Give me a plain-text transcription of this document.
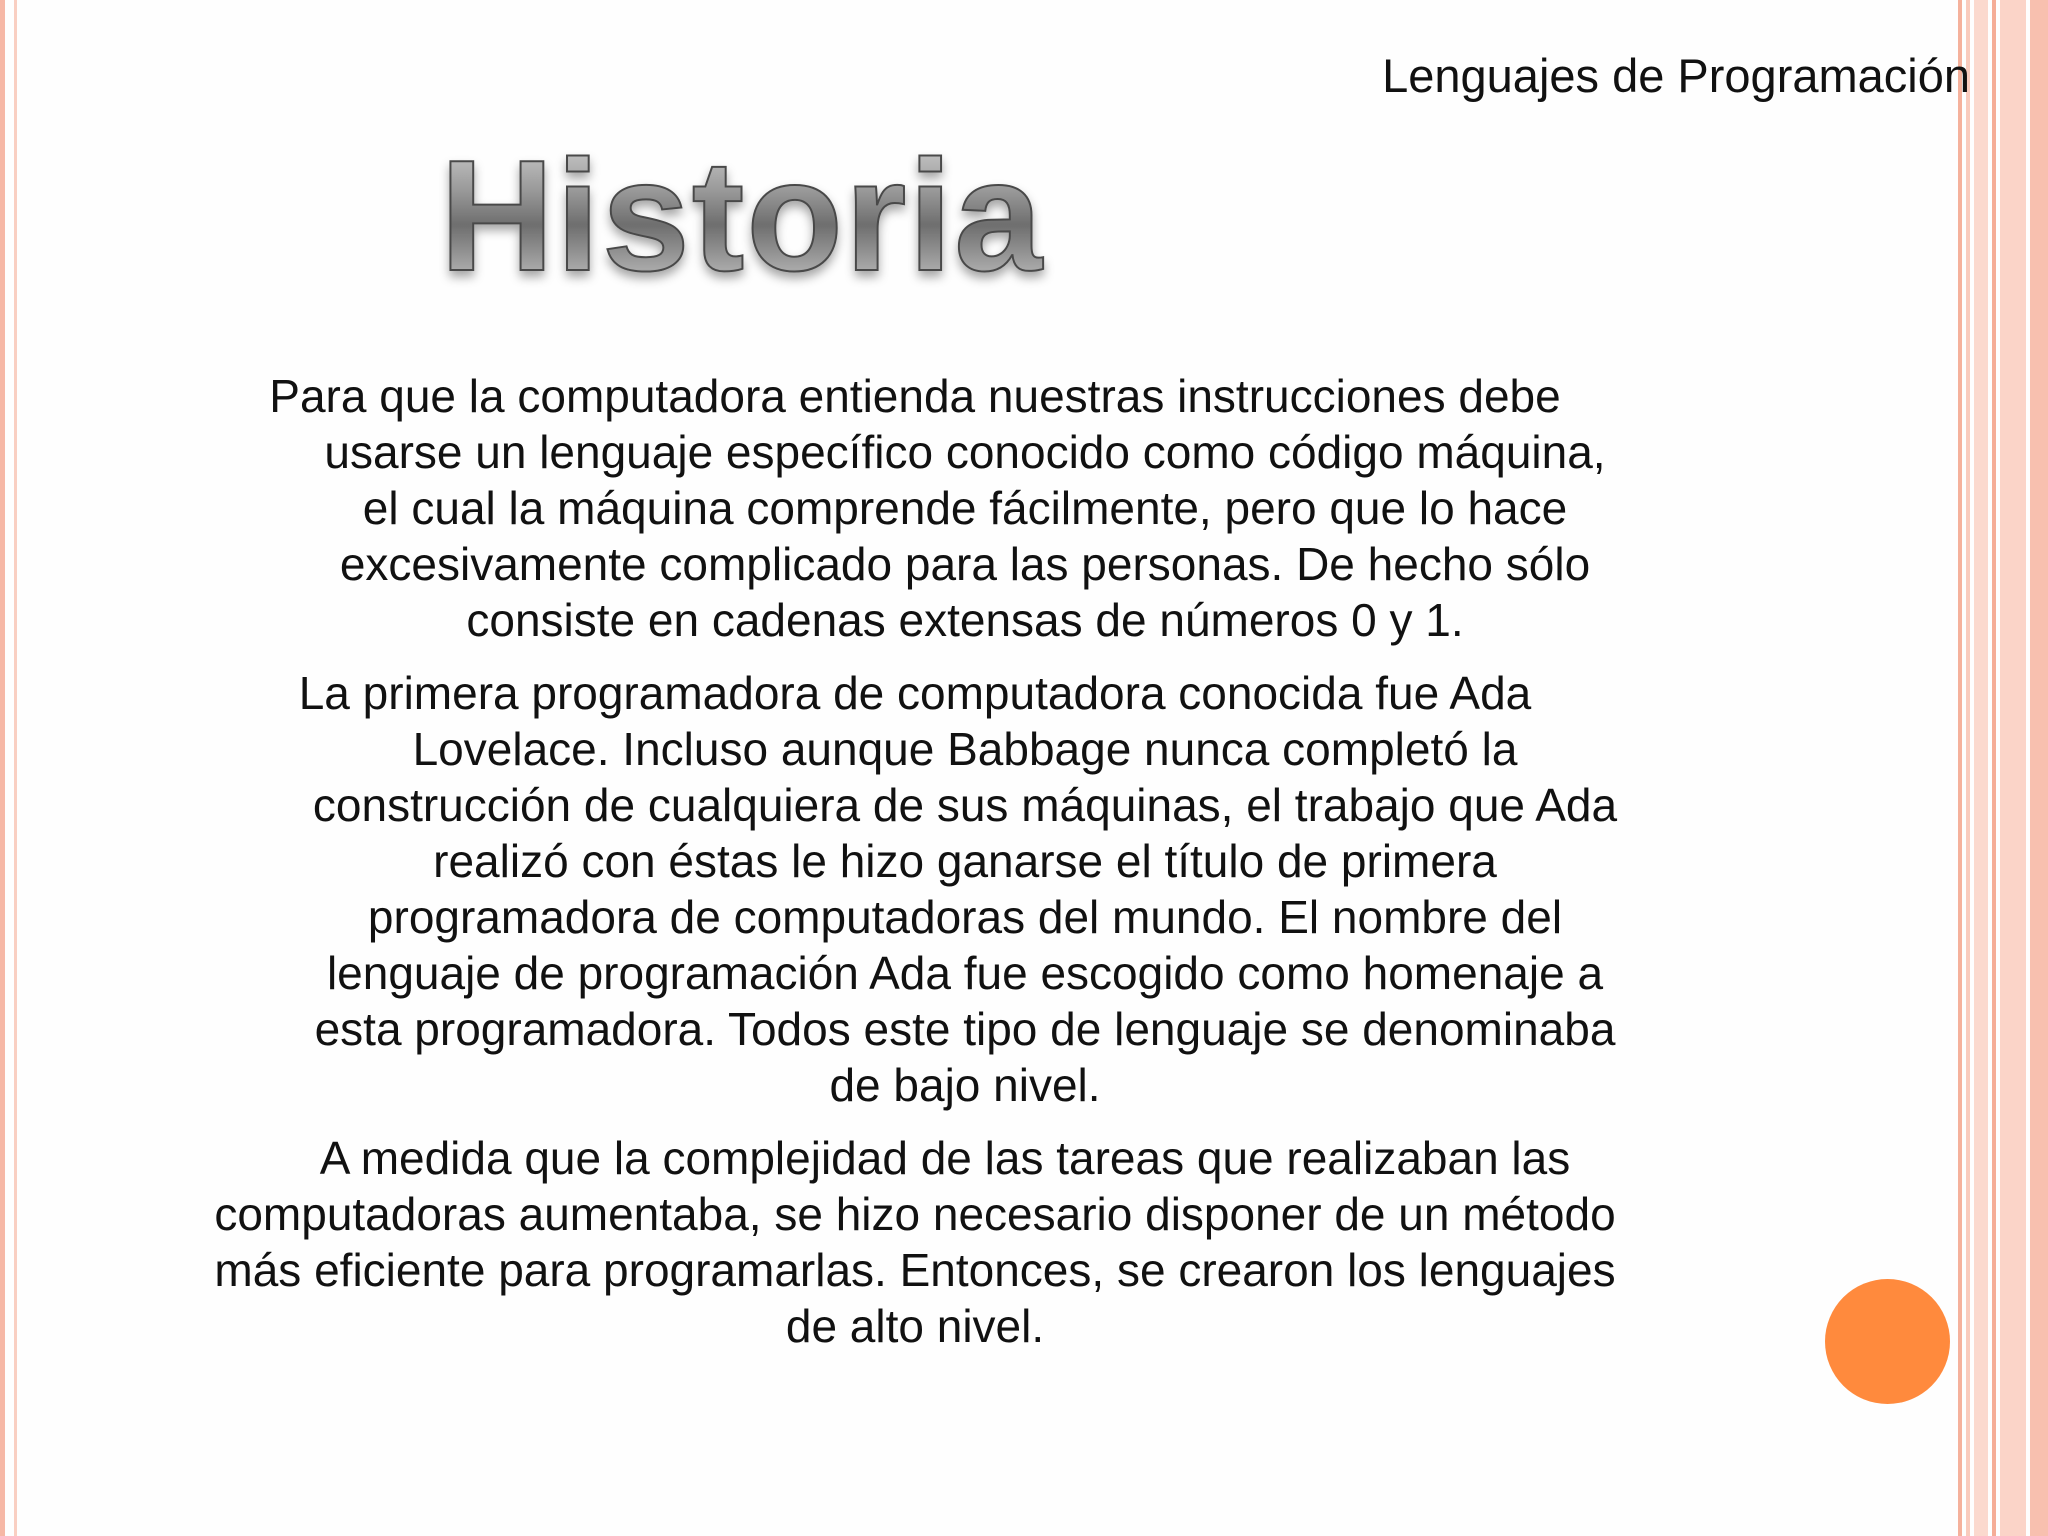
Lenguajes de Programación
Historia

Para que la computadora entienda nuestras instrucciones debe usarse un lenguaje específico conocido como código máquina, el cual la máquina comprende fácilmente, pero que lo hace excesivamente complicado para las personas. De hecho sólo consiste en cadenas extensas de números 0 y 1.

La primera programadora de computadora conocida fue Ada Lovelace. Incluso aunque Babbage nunca completó la construcción de cualquiera de sus máquinas, el trabajo que Ada realizó con éstas le hizo ganarse el título de primera programadora de computadoras del mundo. El nombre del lenguaje de programación Ada fue escogido como homenaje a esta programadora. Todos este tipo de lenguaje se denominaba de bajo nivel.

A medida que la complejidad de las tareas que realizaban las computadoras aumentaba, se hizo necesario disponer de un método más eficiente para programarlas. Entonces, se crearon los lenguajes de alto nivel.
